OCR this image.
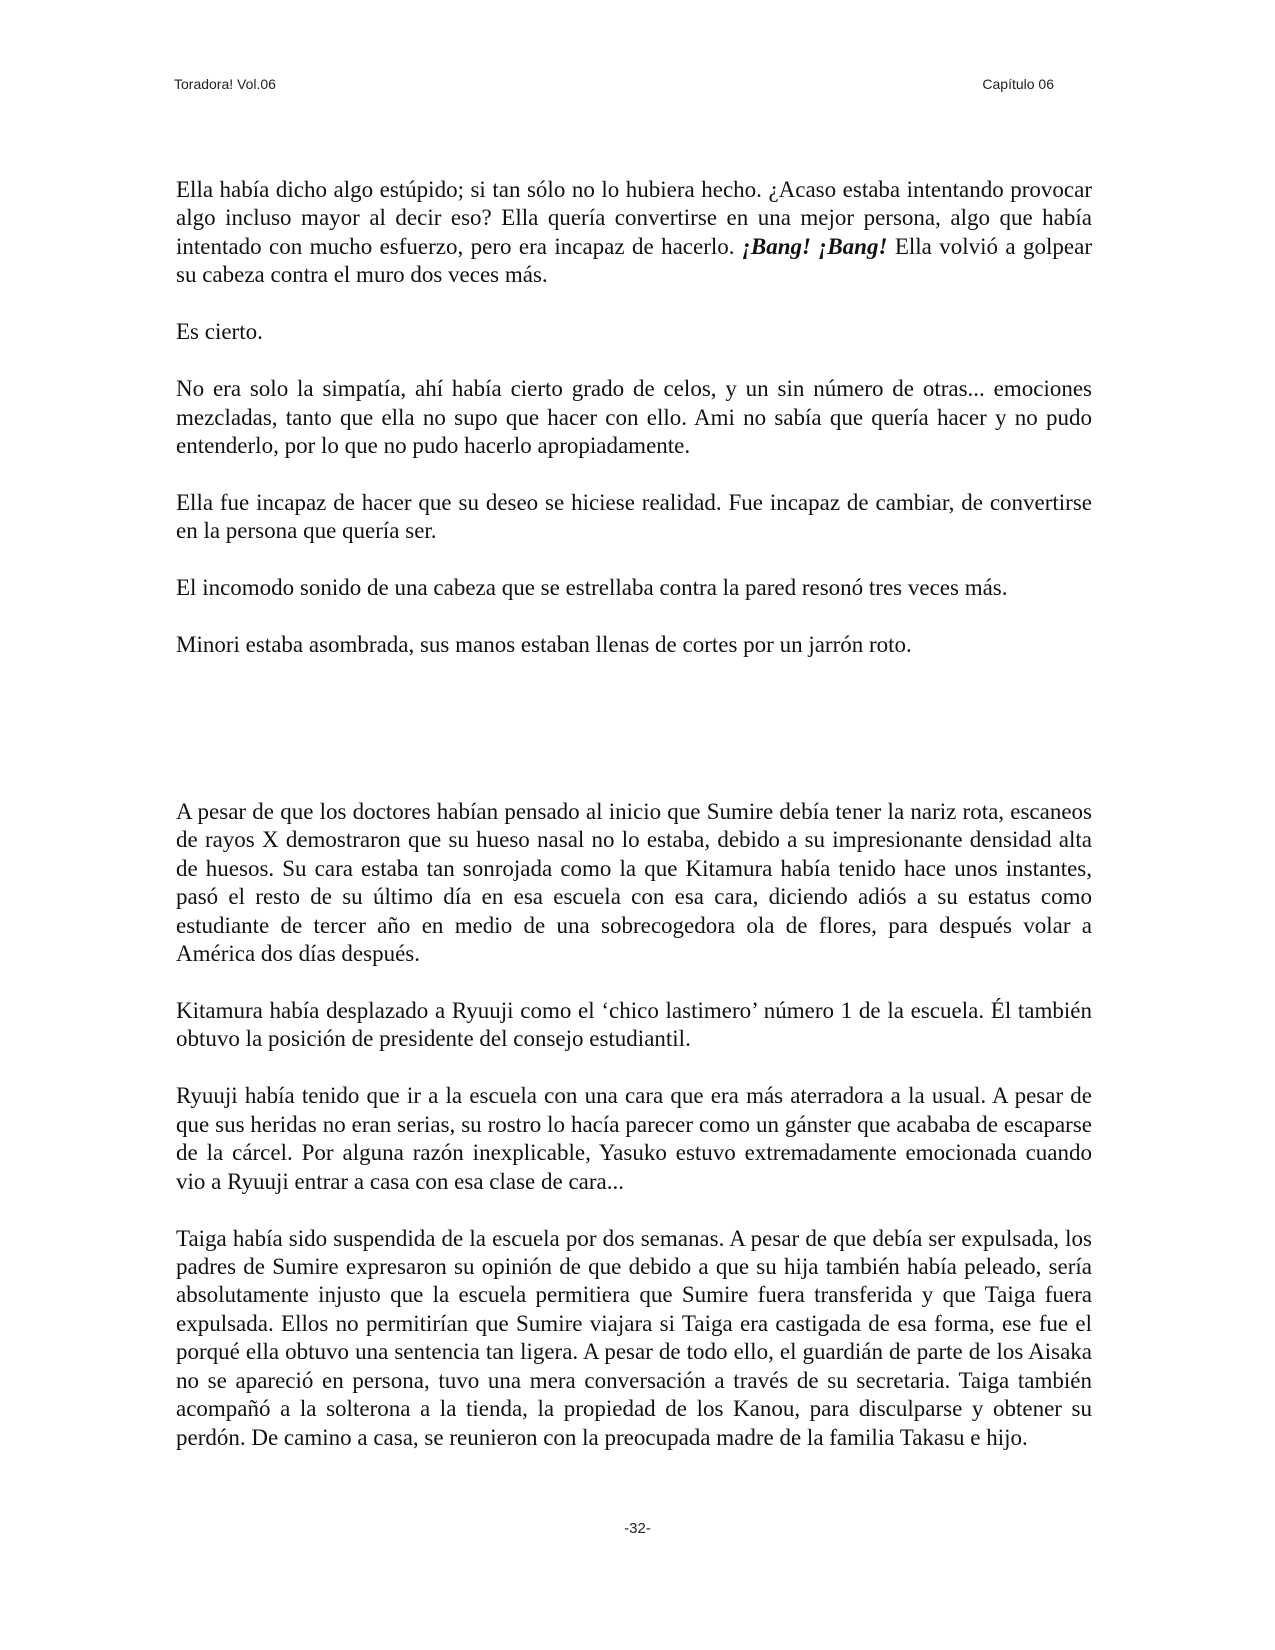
Toradora! Vol.06	Capítulo 06

Ella había dicho algo estúpido; si tan sólo no lo hubiera hecho. ¿Acaso estaba intentando provocar algo incluso mayor al decir eso? Ella quería convertirse en una mejor persona, algo que había intentado con mucho esfuerzo, pero era incapaz de hacerlo. ¡Bang! ¡Bang! Ella volvió a golpear su cabeza contra el muro dos veces más.

Es cierto.

No era solo la simpatía, ahí había cierto grado de celos, y un sin número de otras... emociones mezcladas, tanto que ella no supo que hacer con ello. Ami no sabía que quería hacer y no pudo entenderlo, por lo que no pudo hacerlo apropiadamente.

Ella fue incapaz de hacer que su deseo se hiciese realidad. Fue incapaz de cambiar, de convertirse en la persona que quería ser.

El incomodo sonido de una cabeza que se estrellaba contra la pared resonó tres veces más.

Minori estaba asombrada, sus manos estaban llenas de cortes por un jarrón roto.

A pesar de que los doctores habían pensado al inicio que Sumire debía tener la nariz rota, escaneos de rayos X demostraron que su hueso nasal no lo estaba, debido a su impresionante densidad alta de huesos. Su cara estaba tan sonrojada como la que Kitamura había tenido hace unos instantes, pasó el resto de su último día en esa escuela con esa cara, diciendo adiós a su estatus como estudiante de tercer año en medio de una sobrecogedora ola de flores, para después volar a América dos días después.

Kitamura había desplazado a Ryuuji como el ‘chico lastimero’ número 1 de la escuela. Él también obtuvo la posición de presidente del consejo estudiantil.

Ryuuji había tenido que ir a la escuela con una cara que era más aterradora a la usual. A pesar de que sus heridas no eran serias, su rostro lo hacía parecer como un gánster que acababa de escaparse de la cárcel. Por alguna razón inexplicable, Yasuko estuvo extremadamente emocionada cuando vio a Ryuuji entrar a casa con esa clase de cara...

Taiga había sido suspendida de la escuela por dos semanas. A pesar de que debía ser expulsada, los padres de Sumire expresaron su opinión de que debido a que su hija también había peleado, sería absolutamente injusto que la escuela permitiera que Sumire fuera transferida y que Taiga fuera expulsada. Ellos no permitirían que Sumire viajara si Taiga era castigada de esa forma, ese fue el porqué ella obtuvo una sentencia tan ligera. A pesar de todo ello, el guardián de parte de los Aisaka no se apareció en persona, tuvo una mera conversación a través de su secretaria. Taiga también acompañó a la solterona a la tienda, la propiedad de los Kanou, para disculparse y obtener su perdón. De camino a casa, se reunieron con la preocupada madre de la familia Takasu e hijo.

-32-
